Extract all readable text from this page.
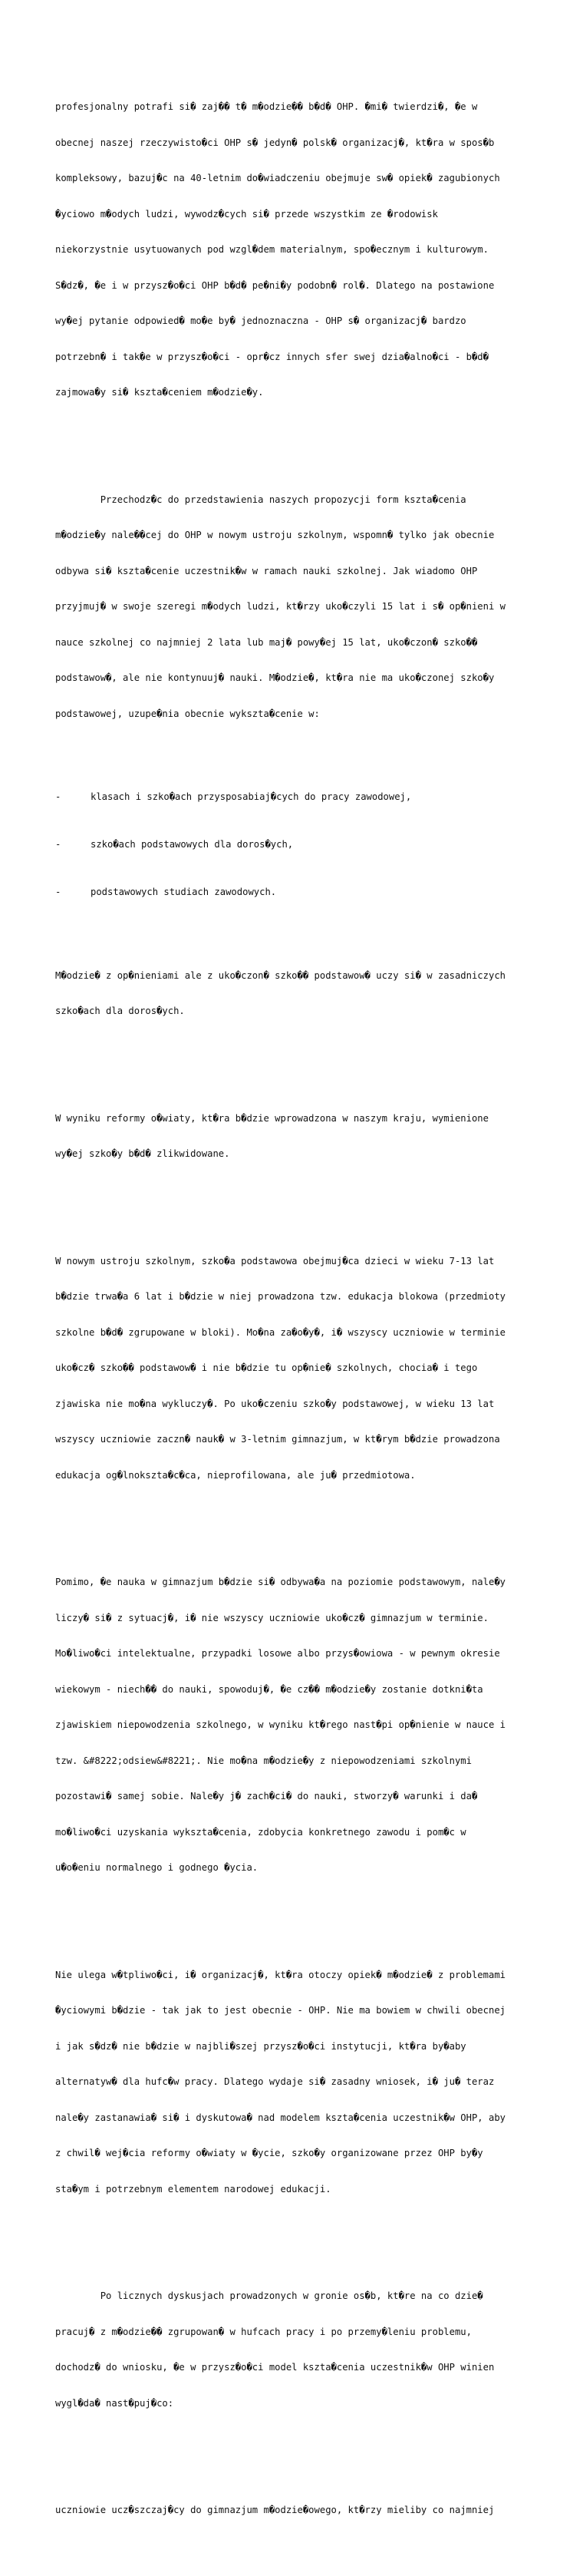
profesjonalny potrafi si� zaj�� t� m�odzie�� b�d� OHP. �mi� twierdzi�, �e w

obecnej naszej rzeczywisto�ci OHP s� jedyn� polsk� organizacj�, kt�ra w spos�b

kompleksowy, bazuj�c na 40-letnim do�wiadczeniu obejmuje sw� opiek� zagubionych

�yciowo m�odych ludzi, wywodz�cych si� przede wszystkim ze �rodowisk

niekorzystnie usytuowanych pod wzgl�dem materialnym, spo�ecznym i kulturowym.

S�dz�, �e i w przysz�o�ci OHP b�d� pe�ni�y podobn� rol�. Dlatego na postawione

wy�ej pytanie odpowied� mo�e by� jednoznaczna - OHP s� organizacj� bardzo

potrzebn� i tak�e w przysz�o�ci - opr�cz innych sfer swej dzia�alno�ci - b�d�

zajmowa�y si� kszta�ceniem m�odzie�y.

Przechodz�c do przedstawienia naszych propozycji form kszta�cenia

m�odzie�y nale��cej do OHP w nowym ustroju szkolnym, wspomn� tylko jak obecnie

odbywa si� kszta�cenie uczestnik�w w ramach nauki szkolnej. Jak wiadomo OHP

przyjmuj� w swoje szeregi m�odych ludzi, kt�rzy uko�czyli 15 lat i s� op�nieni w

nauce szkolnej co najmniej 2 lata lub maj� powy�ej 15 lat, uko�czon� szko��

podstawow�, ale nie kontynuuj� nauki. M�odzie�, kt�ra nie ma uko�czonej szko�y

podstawowej, uzupe�nia obecnie wykszta�cenie w:

-	klasach i szko�ach przysposabiaj�cych do pracy zawodowej,

-	szko�ach podstawowych dla doros�ych,

-	podstawowych studiach zawodowych.

M�odzie� z op�nieniami ale z uko�czon� szko�� podstawow� uczy si� w zasadniczych

szko�ach dla doros�ych.

W wyniku reformy o�wiaty, kt�ra b�dzie wprowadzona w naszym kraju, wymienione

wy�ej szko�y b�d� zlikwidowane.

W nowym ustroju szkolnym, szko�a podstawowa obejmuj�ca dzieci w wieku 7-13 lat

b�dzie trwa�a 6 lat i b�dzie w niej prowadzona tzw. edukacja blokowa (przedmioty

szkolne b�d� zgrupowane w bloki). Mo�na za�o�y�, i� wszyscy uczniowie w terminie

uko�cz� szko�� podstawow� i nie b�dzie tu op�nie� szkolnych, chocia� i tego

zjawiska nie mo�na wykluczy�. Po uko�czeniu szko�y podstawowej, w wieku 13 lat

wszyscy uczniowie zaczn� nauk� w 3-letnim gimnazjum, w kt�rym b�dzie prowadzona

edukacja og�lnokszta�c�ca, nieprofilowana, ale ju� przedmiotowa.

Pomimo, �e nauka w gimnazjum b�dzie si� odbywa�a na poziomie podstawowym, nale�y

liczy� si� z sytuacj�, i� nie wszyscy uczniowie uko�cz� gimnazjum w terminie.

Mo�liwo�ci intelektualne, przypadki losowe albo przys�owiowa - w pewnym okresie

wiekowym - niech�� do nauki, spowoduj�, �e cz�� m�odzie�y zostanie dotkni�ta

zjawiskiem niepowodzenia szkolnego, w wyniku kt�rego nast�pi op�nienie w nauce i

tzw. &#8222;odsiew&#8221;. Nie mo�na m�odzie�y z niepowodzeniami szkolnymi

pozostawi� samej sobie. Nale�y j� zach�ci� do nauki, stworzy� warunki i da�

mo�liwo�ci uzyskania wykszta�cenia, zdobycia konkretnego zawodu i pom�c w

u�o�eniu normalnego i godnego �ycia.

Nie ulega w�tpliwo�ci, i� organizacj�, kt�ra otoczy opiek� m�odzie� z problemami

�yciowymi b�dzie - tak jak to jest obecnie - OHP. Nie ma bowiem w chwili obecnej

i jak s�dz� nie b�dzie w najbli�szej przysz�o�ci instytucji, kt�ra by�aby

alternatyw� dla hufc�w pracy. Dlatego wydaje si� zasadny wniosek, i� ju� teraz

nale�y zastanawia� si� i dyskutowa� nad modelem kszta�cenia uczestnik�w OHP, aby

z chwil� wej�cia reformy o�wiaty w �ycie, szko�y organizowane przez OHP by�y

sta�ym i potrzebnym elementem narodowej edukacji.

Po licznych dyskusjach prowadzonych w gronie os�b, kt�re na co dzie�

pracuj� z m�odzie�� zgrupowan� w hufcach pracy i po przemy�leniu problemu,

dochodz� do wniosku, �e w przysz�o�ci model kszta�cenia uczestnik�w OHP winien

wygl�da� nast�puj�co:

uczniowie ucz�szczaj�cy do gimnazjum m�odzie�owego, kt�rzy mieliby co najmniej
